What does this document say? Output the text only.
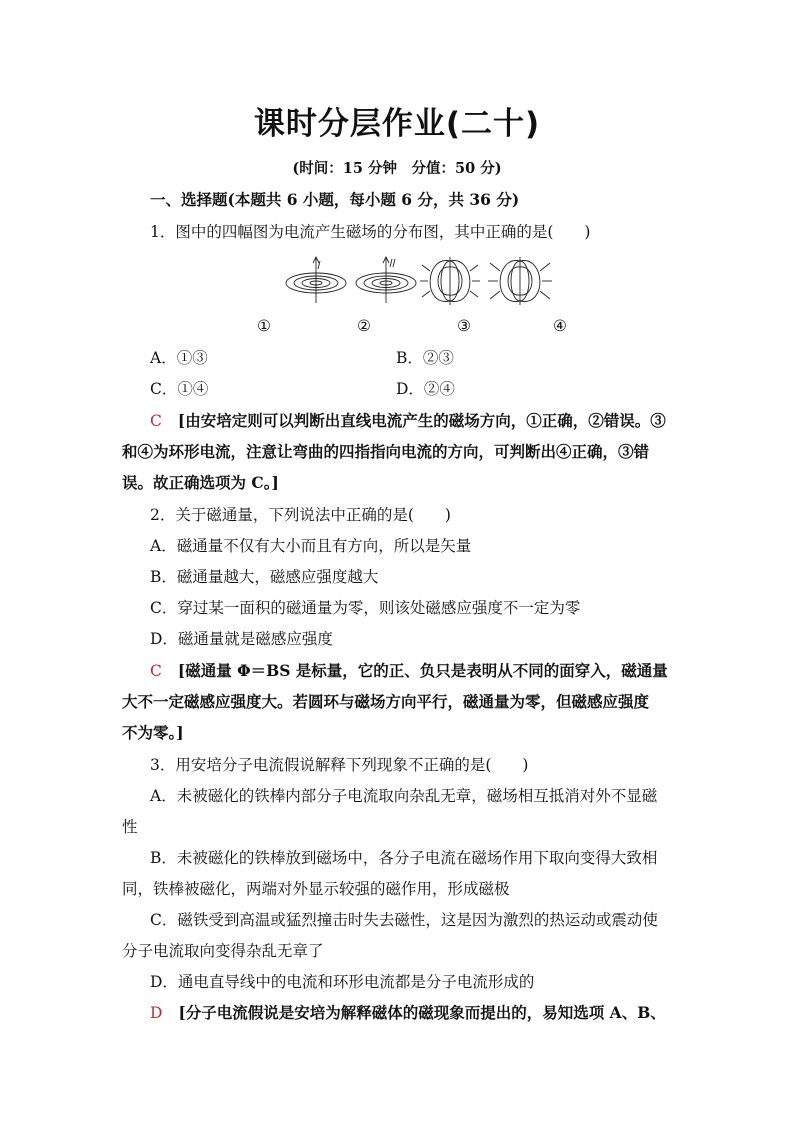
课时分层作业(二十)
(时间：15 分钟　分值：50 分)
一、选择题(本题共 6 小题，每小题 6 分，共 36 分)
1．图中的四幅图为电流产生磁场的分布图，其中正确的是(　　)
①	②	③	④
A．①③	B．②③
C．①④	D．②④
C [由安培定则可以判断出直线电流产生的磁场方向，①正确，②错误。③
和④为环形电流，注意让弯曲的四指指向电流的方向，可判断出④正确，③错
误。故正确选项为 C。]
2．关于磁通量，下列说法中正确的是(　　)
A．磁通量不仅有大小而且有方向，所以是矢量
B．磁通量越大，磁感应强度越大
C．穿过某一面积的磁通量为零，则该处磁感应强度不一定为零
D．磁通量就是磁感应强度
C [磁通量 Φ＝BS 是标量，它的正、负只是表明从不同的面穿入，磁通量
大不一定磁感应强度大。若圆环与磁场方向平行，磁通量为零，但磁感应强度
不为零。]
3．用安培分子电流假说解释下列现象不正确的是(　　)
A．未被磁化的铁棒内部分子电流取向杂乱无章，磁场相互抵消对外不显磁
性
B．未被磁化的铁棒放到磁场中，各分子电流在磁场作用下取向变得大致相
同，铁棒被磁化，两端对外显示较强的磁作用，形成磁极
C．磁铁受到高温或猛烈撞击时失去磁性，这是因为激烈的热运动或震动使
分子电流取向变得杂乱无章了
D．通电直导线中的电流和环形电流都是分子电流形成的
D [分子电流假说是安培为解释磁体的磁现象而提出的，易知选项 A、B、
